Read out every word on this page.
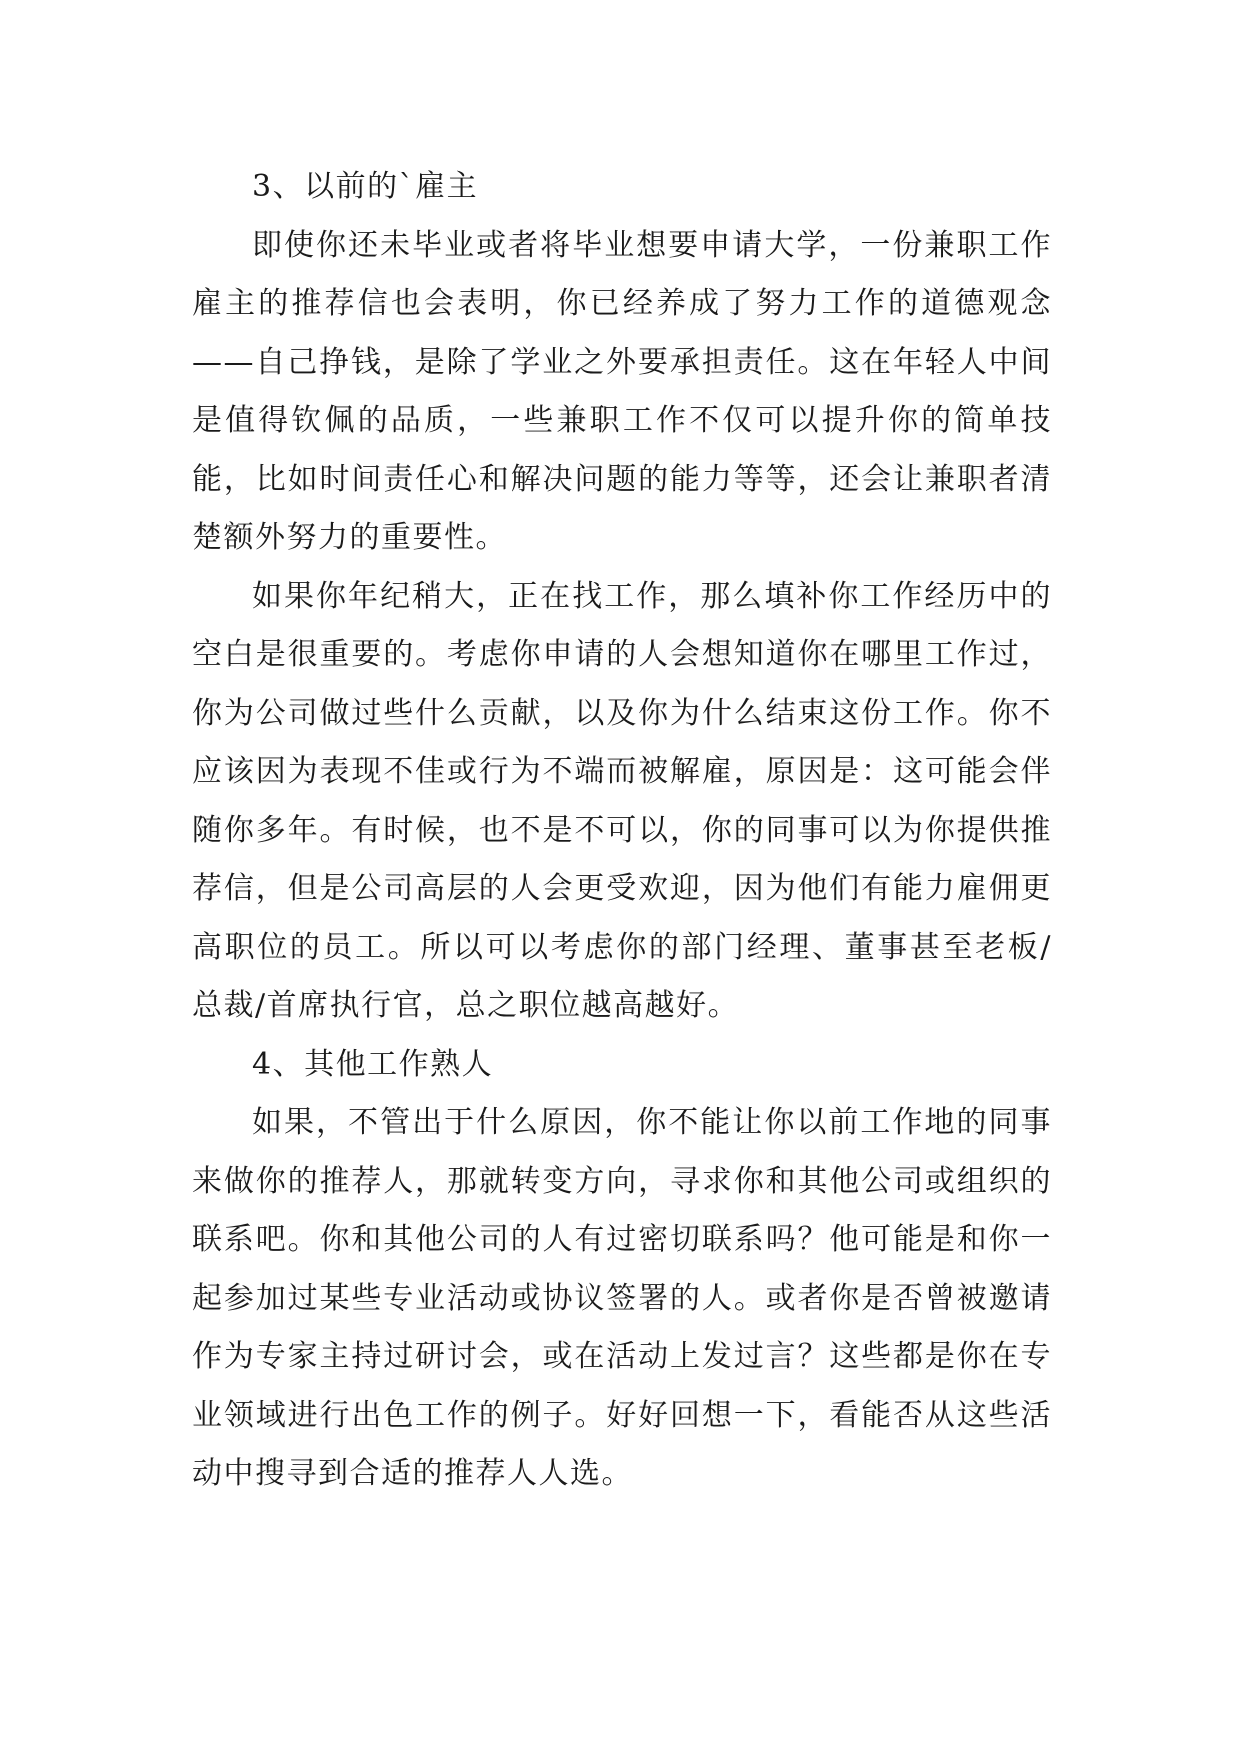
3、以前的`雇主

即使你还未毕业或者将毕业想要申请大学，一份兼职工作雇主的推荐信也会表明，你已经养成了努力工作的道德观念——自己挣钱，是除了学业之外要承担责任。这在年轻人中间是值得钦佩的品质，一些兼职工作不仅可以提升你的简单技能，比如时间责任心和解决问题的能力等等，还会让兼职者清楚额外努力的重要性。

如果你年纪稍大，正在找工作，那么填补你工作经历中的空白是很重要的。考虑你申请的人会想知道你在哪里工作过，你为公司做过些什么贡献，以及你为什么结束这份工作。你不应该因为表现不佳或行为不端而被解雇，原因是：这可能会伴随你多年。有时候，也不是不可以，你的同事可以为你提供推荐信，但是公司高层的人会更受欢迎，因为他们有能力雇佣更高职位的员工。所以可以考虑你的部门经理、董事甚至老板/总裁/首席执行官，总之职位越高越好。

4、其他工作熟人

如果，不管出于什么原因，你不能让你以前工作地的同事来做你的推荐人，那就转变方向，寻求你和其他公司或组织的联系吧。你和其他公司的人有过密切联系吗？他可能是和你一起参加过某些专业活动或协议签署的人。或者你是否曾被邀请作为专家主持过研讨会，或在活动上发过言？这些都是你在专业领域进行出色工作的例子。好好回想一下，看能否从这些活动中搜寻到合适的推荐人人选。
